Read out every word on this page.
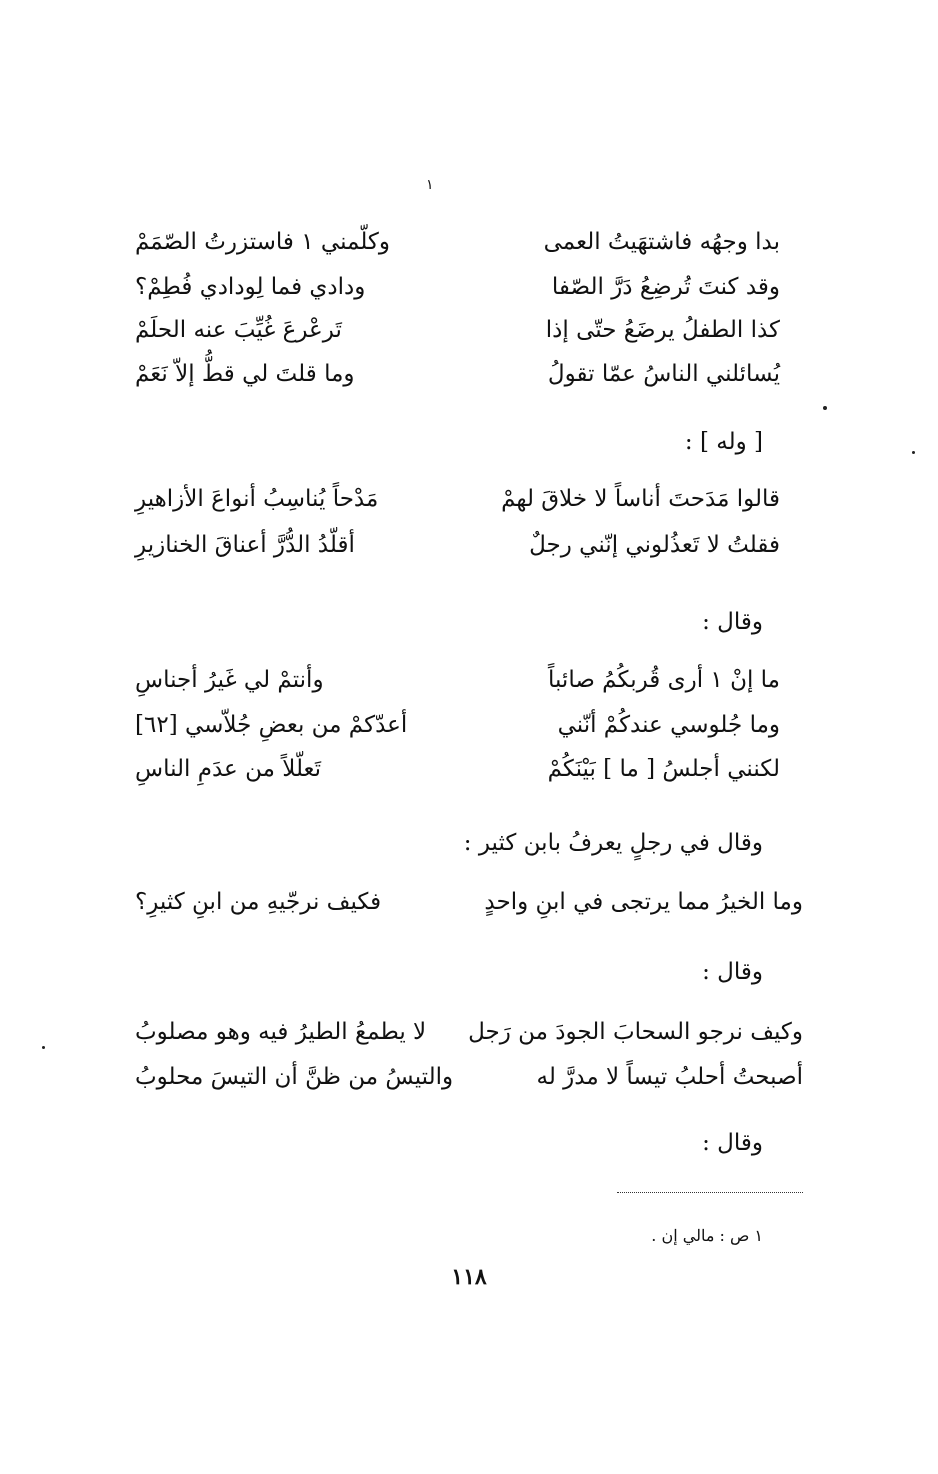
١
بدا وجهُه فاشتهَيتُ العمى
وكلّمني ١ فاستزرتُ الصّمَمْ
وقد كنتَ تُرضِعُ دَرَّ الصّفا
ودادي فما لِودادي فُطِمْ؟
كذا الطفلُ يرضَعُ حتّى إذا
تَرعْرعَ غُيِّبَ عنه الحلَمْ
يُسائلني الناسُ عمّا تقولُ
وما قلتَ لي قطُّ إلاّ نَعَمْ
[ وله ] :
قالوا مَدَحتَ أناساً لا خلاقَ لهمْ
مَدْحاً يُناسِبُ أنواعَ الأزاهيرِ
فقلتُ لا تَعذُلوني إنّني رجلٌ
أقلّدُ الدُّرَّ أعناقَ الخنازيرِ
وقال :
ما إنْ ١ أرى قُربكُمُ صائباً
وأنتمْ لي غَيرُ أجناسِ
وما جُلوسي عندكُمْ أنّني
أعدّكمْ من بعضِ جُلاّسي [٦٢]
لكنني أجلسُ [ ما ] بَيْنَكُمْ
تَعلّلاً من عدَمِ الناسِ
وقال في رجلٍ يعرفُ بابن كثير :
وما الخيرُ مما يرتجى في ابنِ واحدٍ
فكيف نرجّيهِ من ابنِ كثيرِ؟
وقال :
وكيف نرجو السحابَ الجودَ من رَجل
لا يطمعُ الطيرُ فيه وهو مصلوبُ
أصبحتُ أحلبُ تيساً لا مدرَّ له
والتيسُ من ظنَّ أن التيسَ محلوبُ
وقال :
١ ص : مالي إن .
١١٨
